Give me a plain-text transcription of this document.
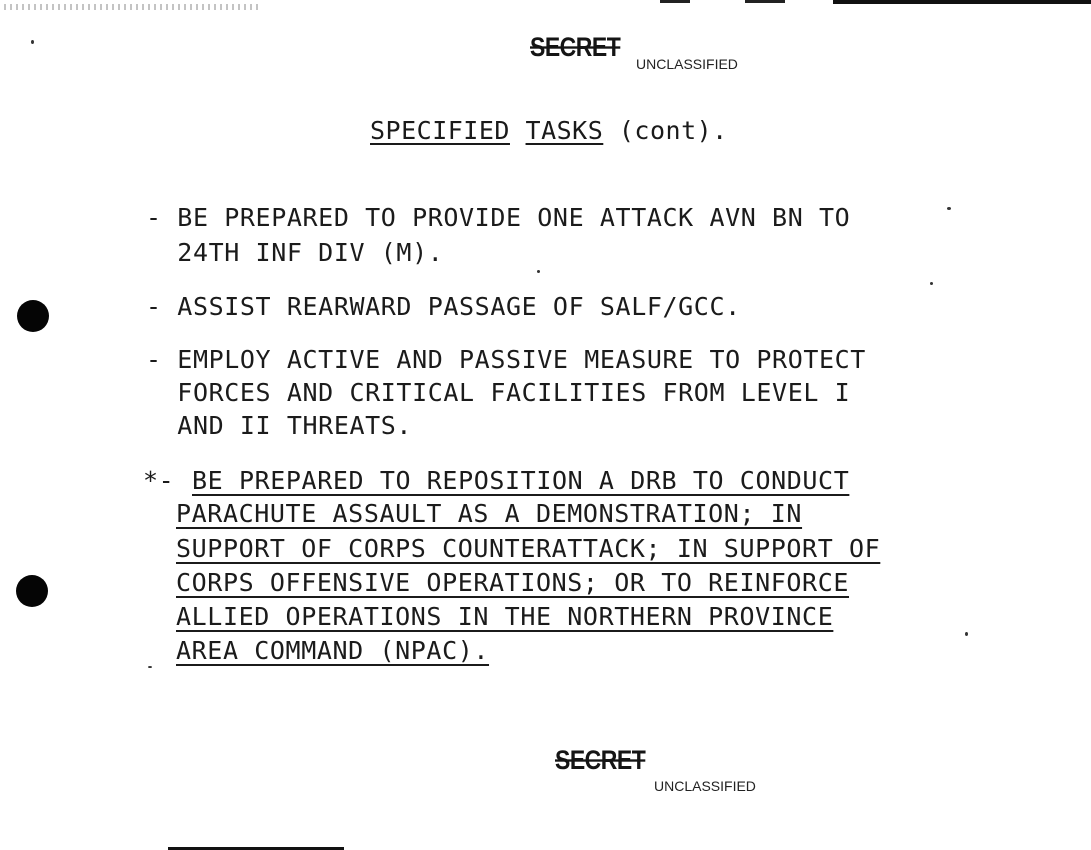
SECRET
UNCLASSIFIED
SPECIFIED TASKS (cont).
- BE PREPARED TO PROVIDE ONE ATTACK AVN BN TO
24TH INF DIV (M).
- ASSIST REARWARD PASSAGE OF SALF/GCC.
- EMPLOY ACTIVE AND PASSIVE MEASURE TO PROTECT
FORCES AND CRITICAL FACILITIES FROM LEVEL I
AND II THREATS.
*- BE PREPARED TO REPOSITION A DRB TO CONDUCT
PARACHUTE ASSAULT AS A DEMONSTRATION; IN
SUPPORT OF CORPS COUNTERATTACK; IN SUPPORT OF
CORPS OFFENSIVE OPERATIONS; OR TO REINFORCE
ALLIED OPERATIONS IN THE NORTHERN PROVINCE
AREA COMMAND (NPAC).
SECRET
UNCLASSIFIED
